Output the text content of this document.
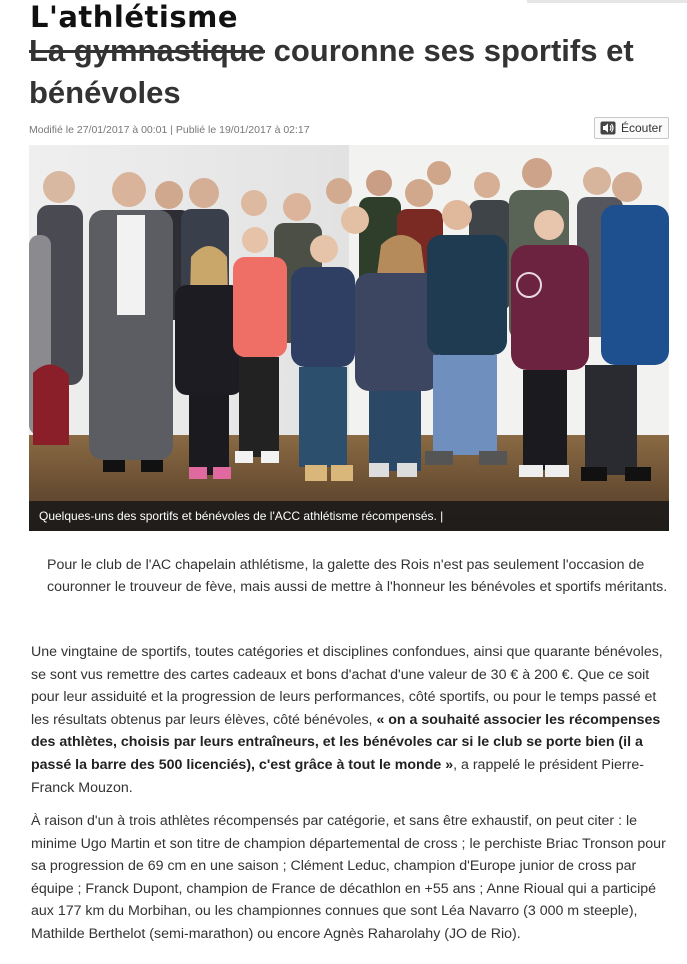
L'athlétisme
La gymnastique couronne ses sportifs et bénévoles
Modifié le 27/01/2017 à 00:01 | Publié le 19/01/2017 à 02:17	Écouter
Quelques-uns des sportifs et bénévoles de l'ACC athlétisme récompensés. |

Pour le club de l'AC chapelain athlétisme, la galette des Rois n'est pas seulement l'occasion de couronner le trouveur de fève, mais aussi de mettre à l'honneur les bénévoles et sportifs méritants.

Une vingtaine de sportifs, toutes catégories et disciplines confondues, ainsi que quarante bénévoles, se sont vus remettre des cartes cadeaux et bons d'achat d'une valeur de 30 € à 200 €. Que ce soit pour leur assiduité et la progression de leurs performances, côté sportifs, ou pour le temps passé et les résultats obtenus par leurs élèves, côté bénévoles, « on a souhaité associer les récompenses des athlètes, choisis par leurs entraîneurs, et les bénévoles car si le club se porte bien (il a passé la barre des 500 licenciés), c'est grâce à tout le monde », a rappelé le président Pierre-Franck Mouzon.

À raison d'un à trois athlètes récompensés par catégorie, et sans être exhaustif, on peut citer : le minime Ugo Martin et son titre de champion départemental de cross ; le perchiste Briac Tronson pour sa progression de 69 cm en une saison ; Clément Leduc, champion d'Europe junior de cross par équipe ; Franck Dupont, champion de France de décathlon en +55 ans ; Anne Rioual qui a participé aux 177 km du Morbihan, ou les championnes connues que sont Léa Navarro (3 000 m steeple), Mathilde Berthelot (semi-marathon) ou encore Agnès Raharolahy (JO de Rio).
